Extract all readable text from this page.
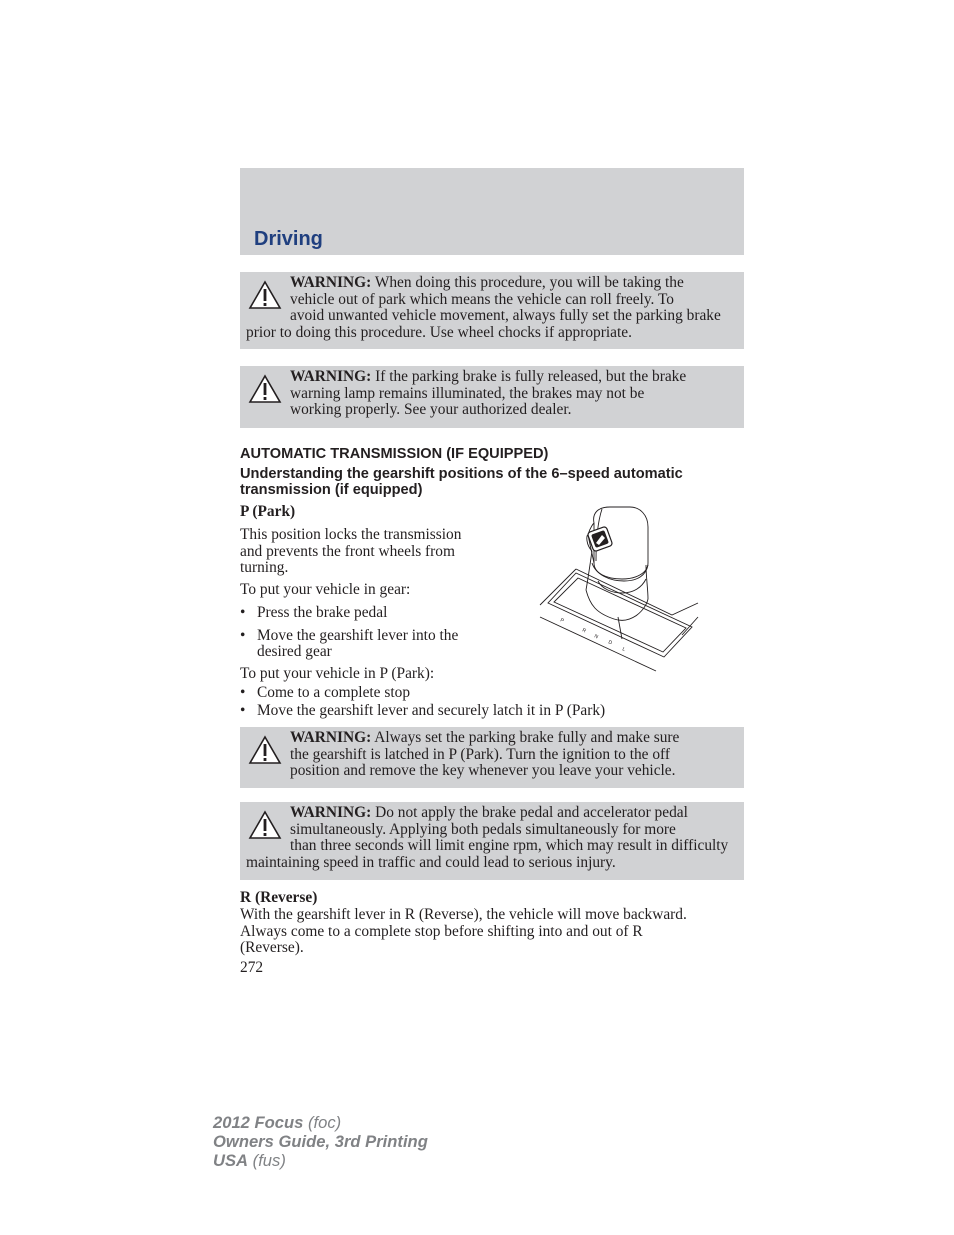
Driving
WARNING: When doing this procedure, you will be taking the
vehicle out of park which means the vehicle can roll freely. To
avoid unwanted vehicle movement, always fully set the parking brake
prior to doing this procedure. Use wheel chocks if appropriate.
WARNING: If the parking brake is fully released, but the brake
warning lamp remains illuminated, the brakes may not be
working properly. See your authorized dealer.
AUTOMATIC TRANSMISSION (IF EQUIPPED)
Understanding the gearshift positions of the 6–speed automatic
transmission (if equipped)
P (Park)
This position locks the transmission
and prevents the front wheels from
turning.
To put your vehicle in gear:
• Press the brake pedal
• Move the gearshift lever into the
desired gear
To put your vehicle in P (Park):
• Come to a complete stop
• Move the gearshift lever and securely latch it in P (Park)
P
R
N
D
L
WARNING: Always set the parking brake fully and make sure
the gearshift is latched in P (Park). Turn the ignition to the off
position and remove the key whenever you leave your vehicle.
WARNING: Do not apply the brake pedal and accelerator pedal
simultaneously. Applying both pedals simultaneously for more
than three seconds will limit engine rpm, which may result in difficulty
maintaining speed in traffic and could lead to serious injury.
R (Reverse)
With the gearshift lever in R (Reverse), the vehicle will move backward.
Always come to a complete stop before shifting into and out of R
(Reverse).
272
2012 Focus (foc)
Owners Guide, 3rd Printing
USA (fus)
